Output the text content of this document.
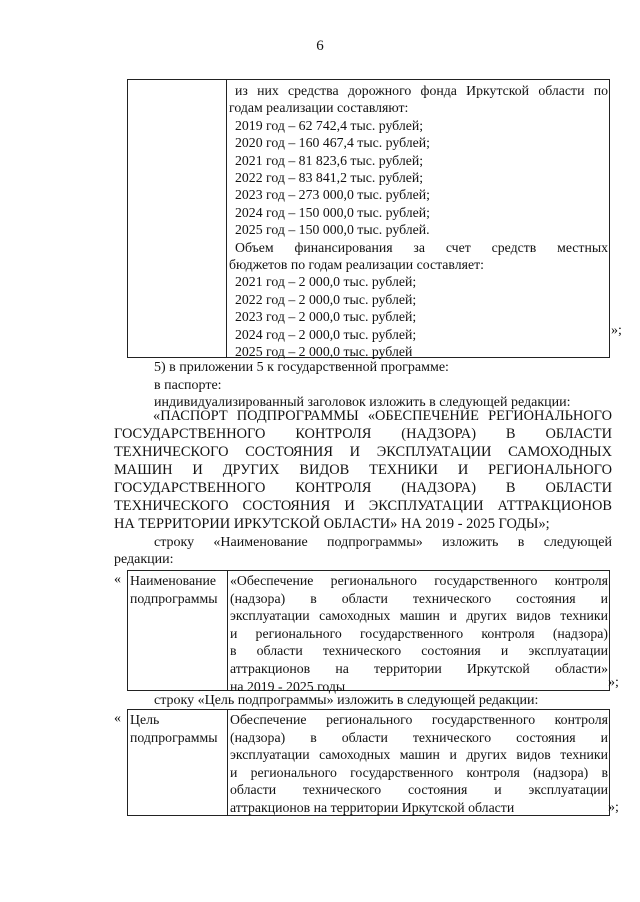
6
из них средства дорожного фонда Иркутской области по
годам реализации составляют:
2019 год – 62 742,4 тыс. рублей;
2020 год – 160 467,4 тыс. рублей;
2021 год – 81 823,6 тыс. рублей;
2022 год – 83 841,2 тыс. рублей;
2023 год – 273 000,0 тыс. рублей;
2024 год – 150 000,0 тыс. рублей;
2025 год – 150 000,0 тыс. рублей.
Объем финансирования за счет средств местных
бюджетов по годам реализации составляет:
2021 год – 2 000,0 тыс. рублей;
2022 год – 2 000,0 тыс. рублей;
2023 год – 2 000,0 тыс. рублей;
2024 год – 2 000,0 тыс. рублей;
2025 год – 2 000,0 тыс. рублей
»;
5) в приложении 5 к государственной программе:
в паспорте:
индивидуализированный заголовок изложить в следующей редакции:
«ПАСПОРТ ПОДПРОГРАММЫ «ОБЕСПЕЧЕНИЕ РЕГИОНАЛЬНОГО
ГОСУДАРСТВЕННОГО КОНТРОЛЯ (НАДЗОРА) В ОБЛАСТИ
ТЕХНИЧЕСКОГО СОСТОЯНИЯ И ЭКСПЛУАТАЦИИ САМОХОДНЫХ
МАШИН И ДРУГИХ ВИДОВ ТЕХНИКИ И РЕГИОНАЛЬНОГО
ГОСУДАРСТВЕННОГО КОНТРОЛЯ (НАДЗОРА) В ОБЛАСТИ
ТЕХНИЧЕСКОГО СОСТОЯНИЯ И ЭКСПЛУАТАЦИИ АТТРАКЦИОНОВ
НА ТЕРРИТОРИИ ИРКУТСКОЙ ОБЛАСТИ» НА 2019 - 2025 ГОДЫ»;
строку «Наименование подпрограммы» изложить в следующей
редакции:
« Наименование
подпрограммы
«Обеспечение регионального государственного контроля
(надзора) в области технического состояния и
эксплуатации самоходных машин и других видов техники
и регионального государственного контроля (надзора)
в области технического состояния и эксплуатации
аттракционов на территории Иркутской области»
на 2019 - 2025 годы	»;
строку «Цель подпрограммы» изложить в следующей редакции:
« Цель
подпрограммы
Обеспечение регионального государственного контроля
(надзора) в области технического состояния и
эксплуатации самоходных машин и других видов техники
и регионального государственного контроля (надзора) в
области технического состояния и эксплуатации
аттракционов на территории Иркутской области	»;
